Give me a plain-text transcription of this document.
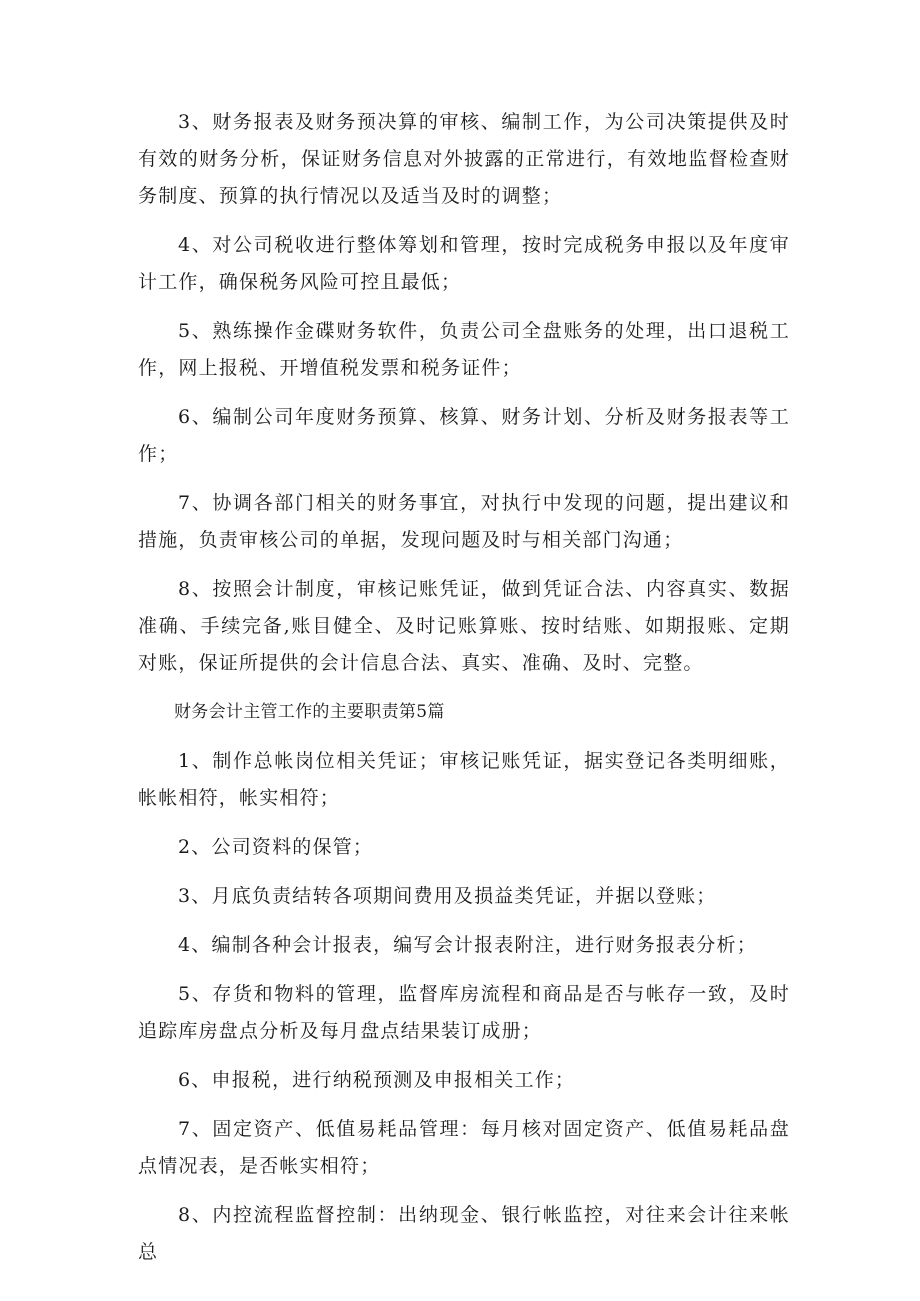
3、财务报表及财务预决算的审核、编制工作，为公司决策提供及时有效的财务分析，保证财务信息对外披露的正常进行，有效地监督检查财务制度、预算的执行情况以及适当及时的调整；

4、对公司税收进行整体筹划和管理，按时完成税务申报以及年度审计工作，确保税务风险可控且最低；

5、熟练操作金碟财务软件，负责公司全盘账务的处理，出口退税工作，网上报税、开增值税发票和税务证件；

6、编制公司年度财务预算、核算、财务计划、分析及财务报表等工作；

7、协调各部门相关的财务事宜，对执行中发现的问题，提出建议和措施，负责审核公司的单据，发现问题及时与相关部门沟通；

8、按照会计制度，审核记账凭证，做到凭证合法、内容真实、数据准确、手续完备,账目健全、及时记账算账、按时结账、如期报账、定期对账，保证所提供的会计信息合法、真实、准确、及时、完整。

财务会计主管工作的主要职责第5篇

1、制作总帐岗位相关凭证；审核记账凭证，据实登记各类明细账，帐帐相符，帐实相符；

2、公司资料的保管；

3、月底负责结转各项期间费用及损益类凭证，并据以登账；

4、编制各种会计报表，编写会计报表附注，进行财务报表分析；

5、存货和物料的管理，监督库房流程和商品是否与帐存一致，及时追踪库房盘点分析及每月盘点结果装订成册；

6、申报税，进行纳税预测及申报相关工作；

7、固定资产、低值易耗品管理：每月核对固定资产、低值易耗品盘点情况表，是否帐实相符；

8、内控流程监督控制：出纳现金、银行帐监控，对往来会计往来帐总
